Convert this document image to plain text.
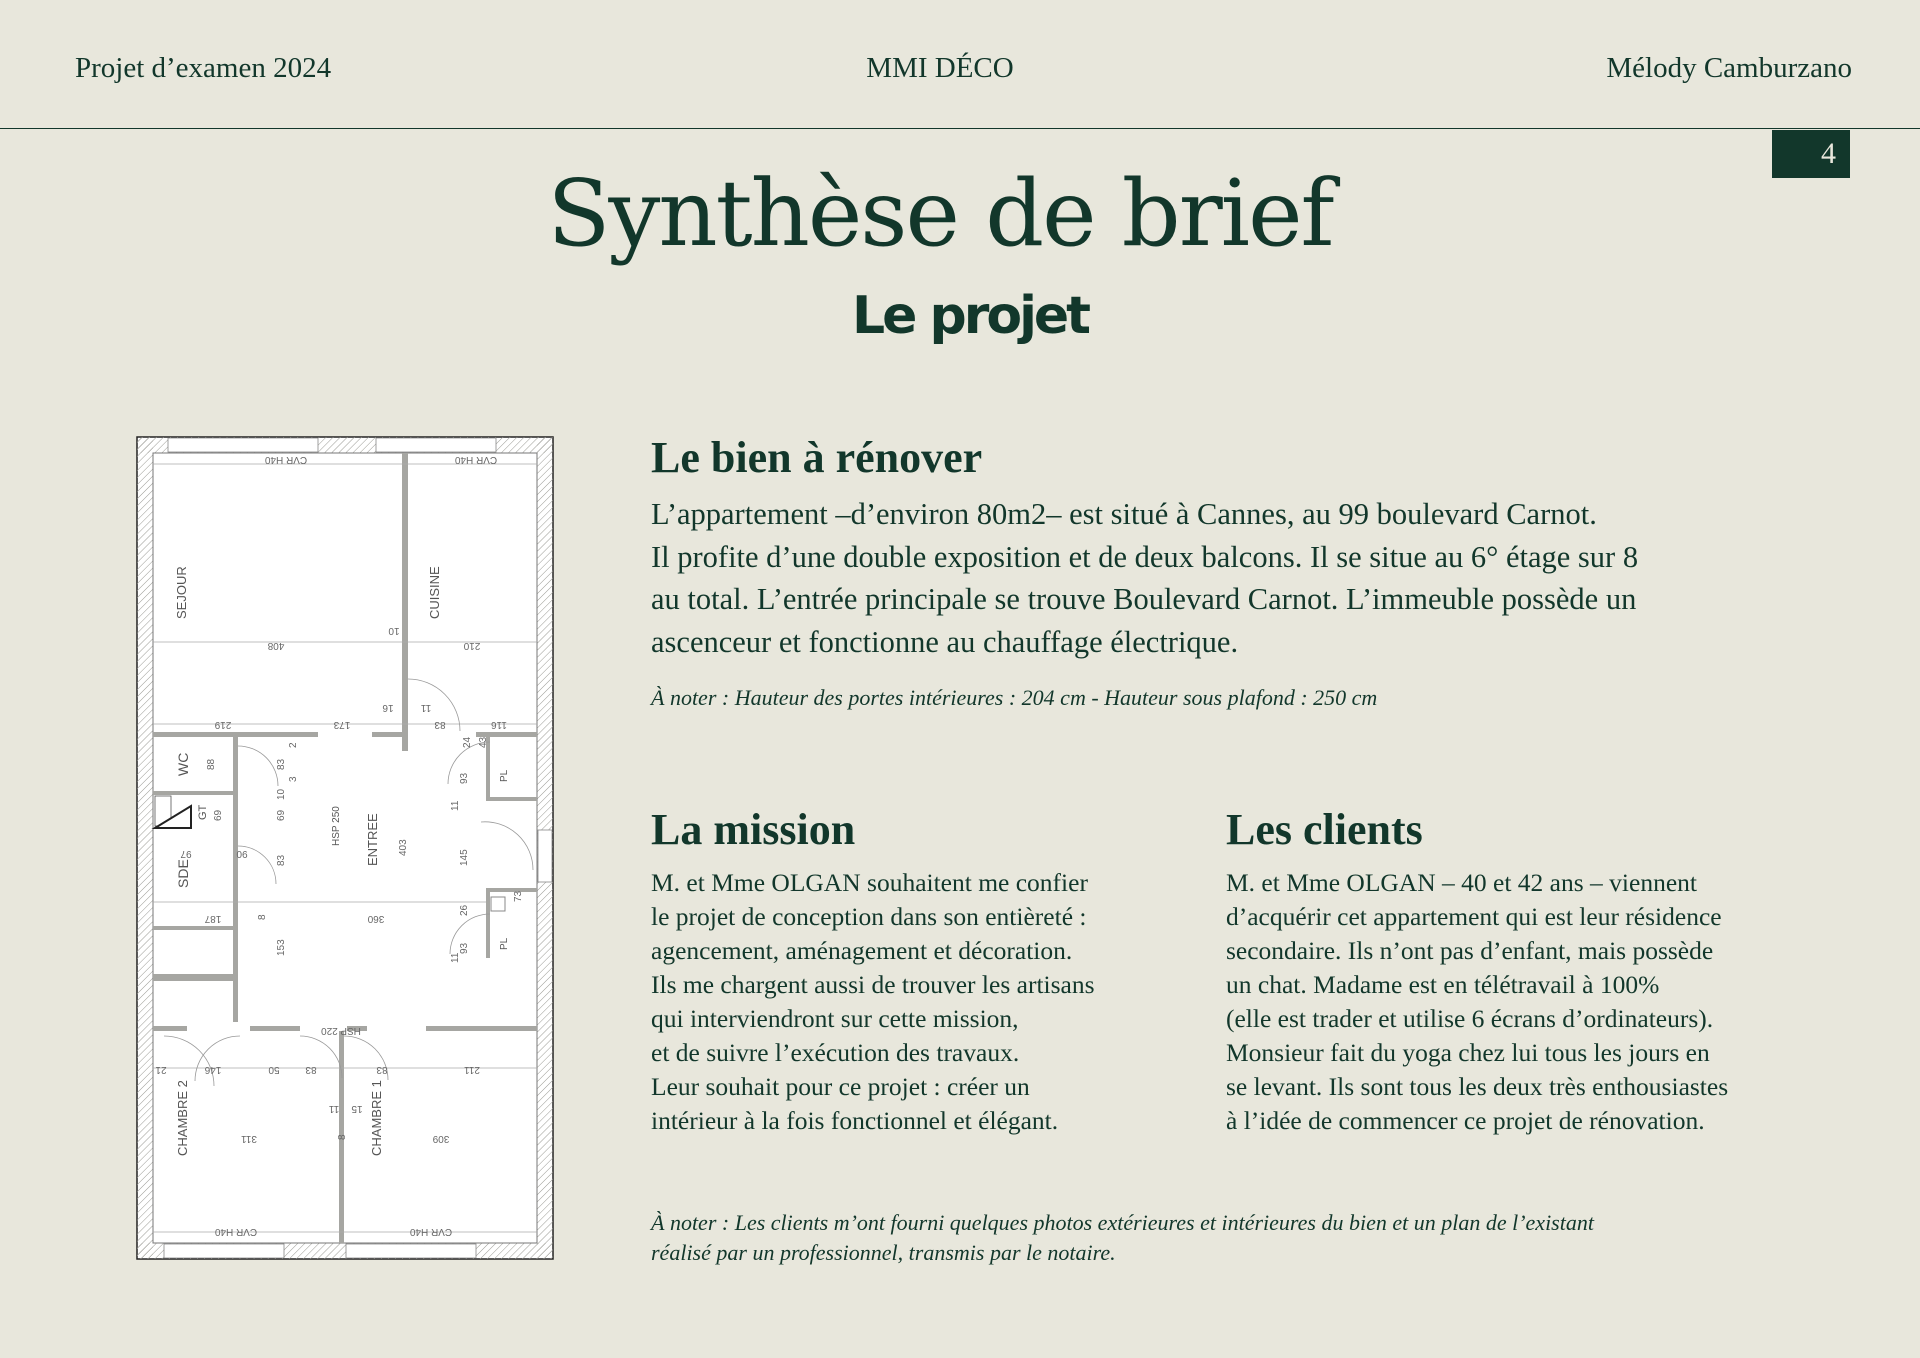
Projet d’examen 2024	MMI DÉCO	Mélody Camburzano
4
Synthèse de brief
Le projet
SEJOUR	CUISINE
WC
SDE
ENTREE
CHAMBRE 2	CHAMBRE 1
HSP 250
PL
PL
GT
CVR H40	CVR H40
CVR H40	CVR H40
HSP 220
408	210
10
219	173	116
16	11
83
360
187
90
97
146	50	83	83	211
21
311	309
11 15
88	83
69	69
83
403
93
145
26
93
11
11
153
8
8
24 43
73
2
3
10
Le bien à rénover

L’appartement –d’environ 80m2– est situé à Cannes, au 99 boulevard Carnot.

Il profite d’une double exposition et de deux balcons. Il se situe au 6° étage sur 8

au total. L’entrée principale se trouve Boulevard Carnot. L’immeuble possède un

ascenceur et fonctionne au chauffage électrique.

À noter : Hauteur des portes intérieures : 204 cm - Hauteur sous plafond : 250 cm
La mission

M. et Mme OLGAN souhaitent me confier

le projet de conception dans son entièreté :

agencement, aménagement et décoration.

Ils me chargent aussi de trouver les artisans

qui interviendront sur cette mission,

et de suivre l’exécution des travaux.

Leur souhait pour ce projet : créer un

intérieur à la fois fonctionnel et élégant.

Les clients

M. et Mme OLGAN – 40 et 42 ans – viennent

d’acquérir cet appartement qui est leur résidence

secondaire. Ils n’ont pas d’enfant, mais possède

un chat. Madame est en télétravail à 100%

(elle est trader et utilise 6 écrans d’ordinateurs).

Monsieur fait du yoga chez lui tous les jours en

se levant. Ils sont tous les deux très enthousiastes

à l’idée de commencer ce projet de rénovation.

À noter : Les clients m’ont fourni quelques photos extérieures et intérieures du bien et un plan de l’existant

réalisé par un professionnel, transmis par le notaire.
